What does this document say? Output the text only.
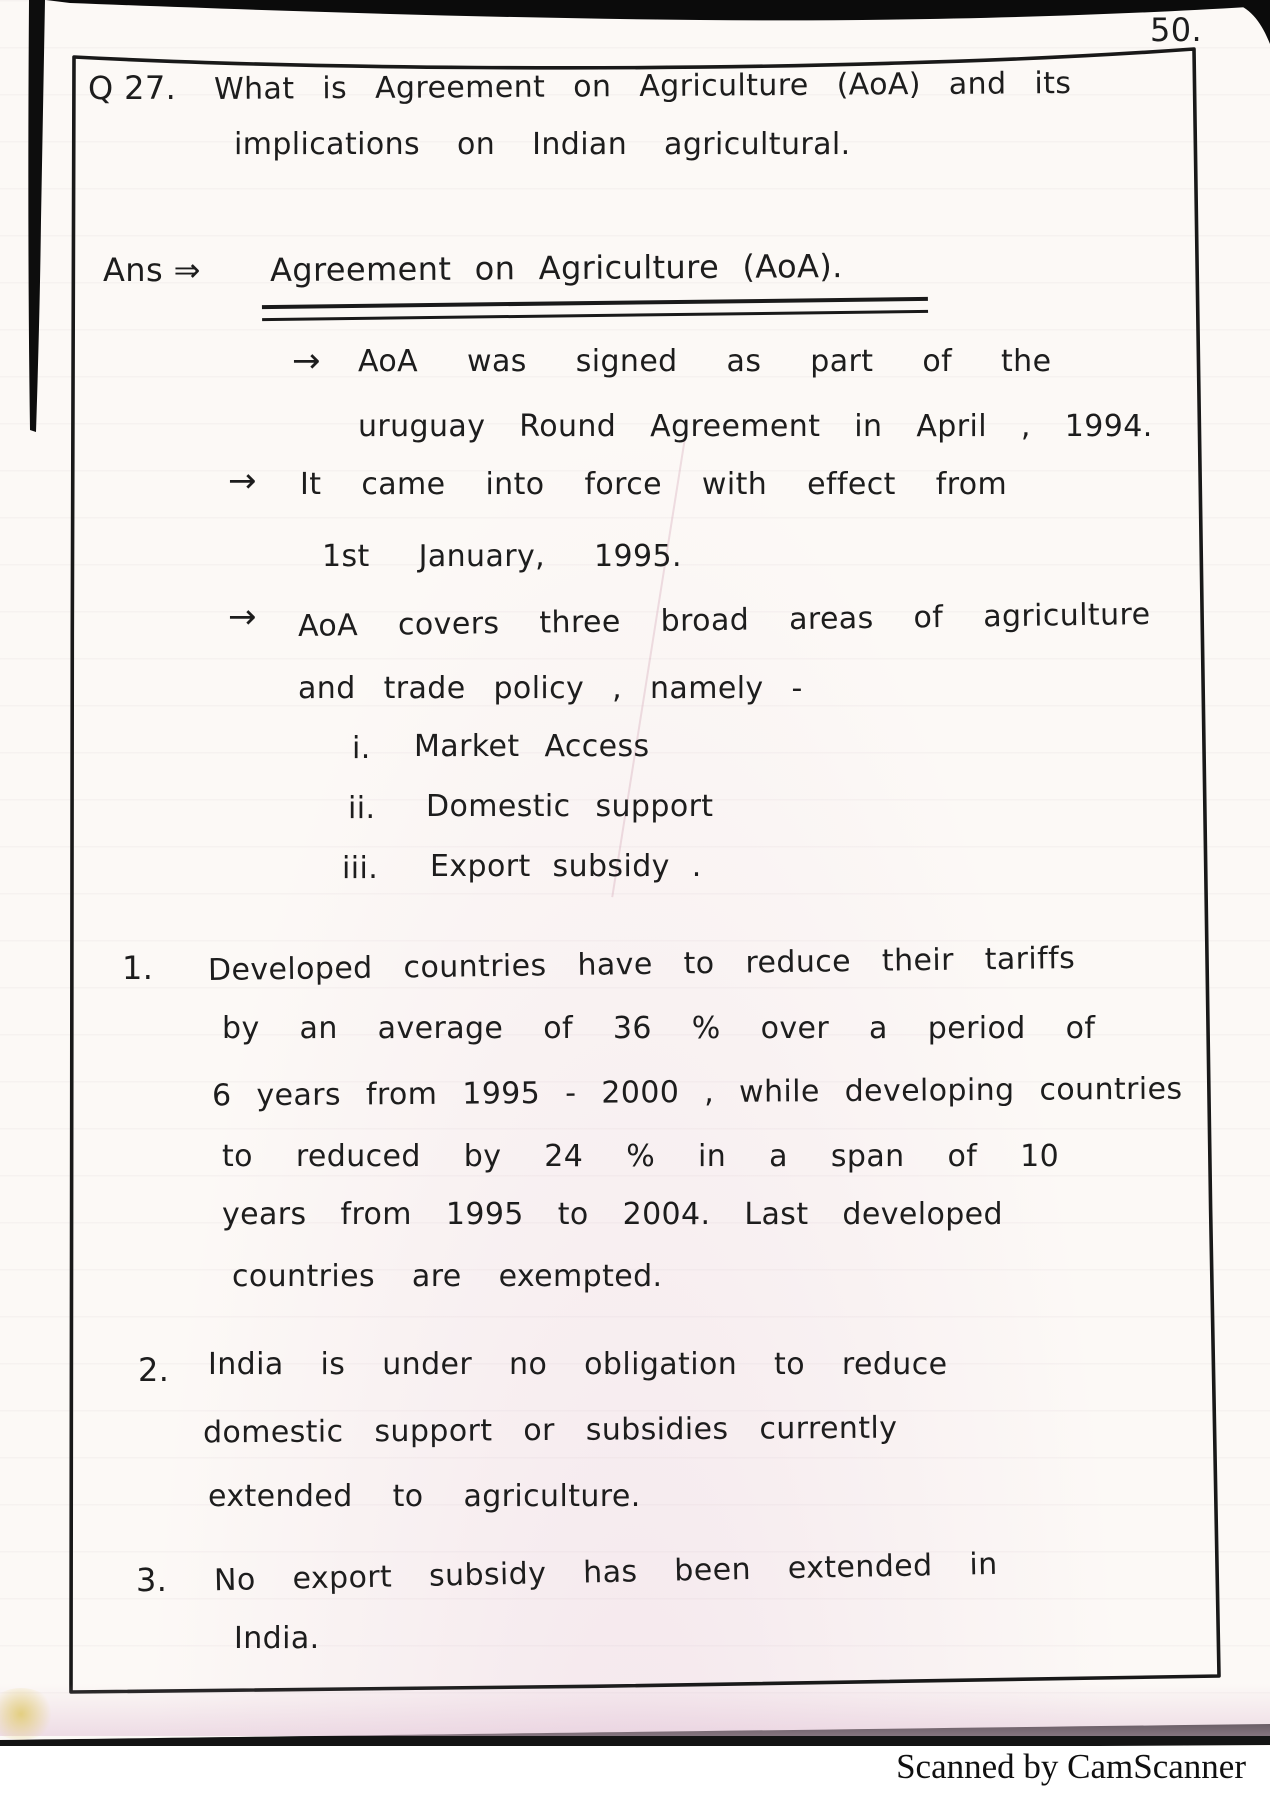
50.
Q 27. What is Agreement on Agriculture (AoA) and its
implications on Indian agricultural.
Ans ⇒ Agreement on Agriculture (AoA).
→ AoA was signed as part of the
uruguay Round Agreement in April , 1994.
→ It came into force with effect from
1st January, 1995.
→ AoA covers three broad areas of agriculture
and trade policy , namely -
i. Market Access
ii. Domestic support
iii. Export subsidy .
1. Developed countries have to reduce their tariffs
by an average of 36 % over a period of
6 years from 1995 - 2000 , while developing countries
to reduced by 24 % in a span of 10
years from 1995 to 2004. Last developed
countries are exempted.
2. India is under no obligation to reduce
domestic support or subsidies currently
extended to agriculture.
3. No export subsidy has been extended in
India.
Scanned by CamScanner
